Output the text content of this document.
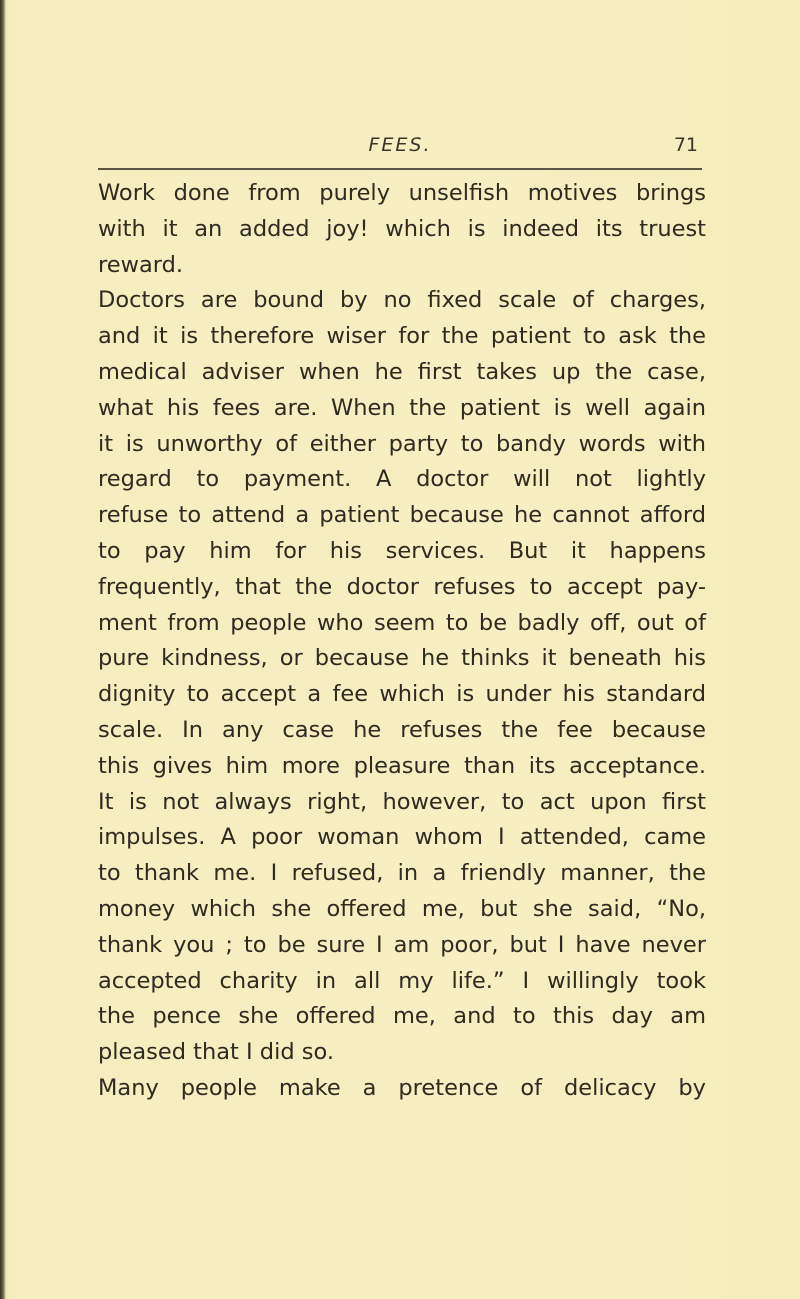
FEES.	71
Work done from purely unselfish motives brings
with it an added joy! which is indeed its truest
reward.
Doctors are bound by no fixed scale of charges,
and it is therefore wiser for the patient to ask the
medical adviser when he first takes up the case,
what his fees are. When the patient is well again
it is unworthy of either party to bandy words with
regard to payment. A doctor will not lightly
refuse to attend a patient because he cannot afford
to pay him for his services. But it happens
frequently, that the doctor refuses to accept pay-
ment from people who seem to be badly off, out of
pure kindness, or because he thinks it beneath his
dignity to accept a fee which is under his standard
scale. In any case he refuses the fee because
this gives him more pleasure than its acceptance.
It is not always right, however, to act upon first
impulses. A poor woman whom I attended, came
to thank me. I refused, in a friendly manner, the
money which she offered me, but she said, “No,
thank you ; to be sure I am poor, but I have never
accepted charity in all my life.” I willingly took
the pence she offered me, and to this day am
pleased that I did so.
Many people make a pretence of delicacy by
